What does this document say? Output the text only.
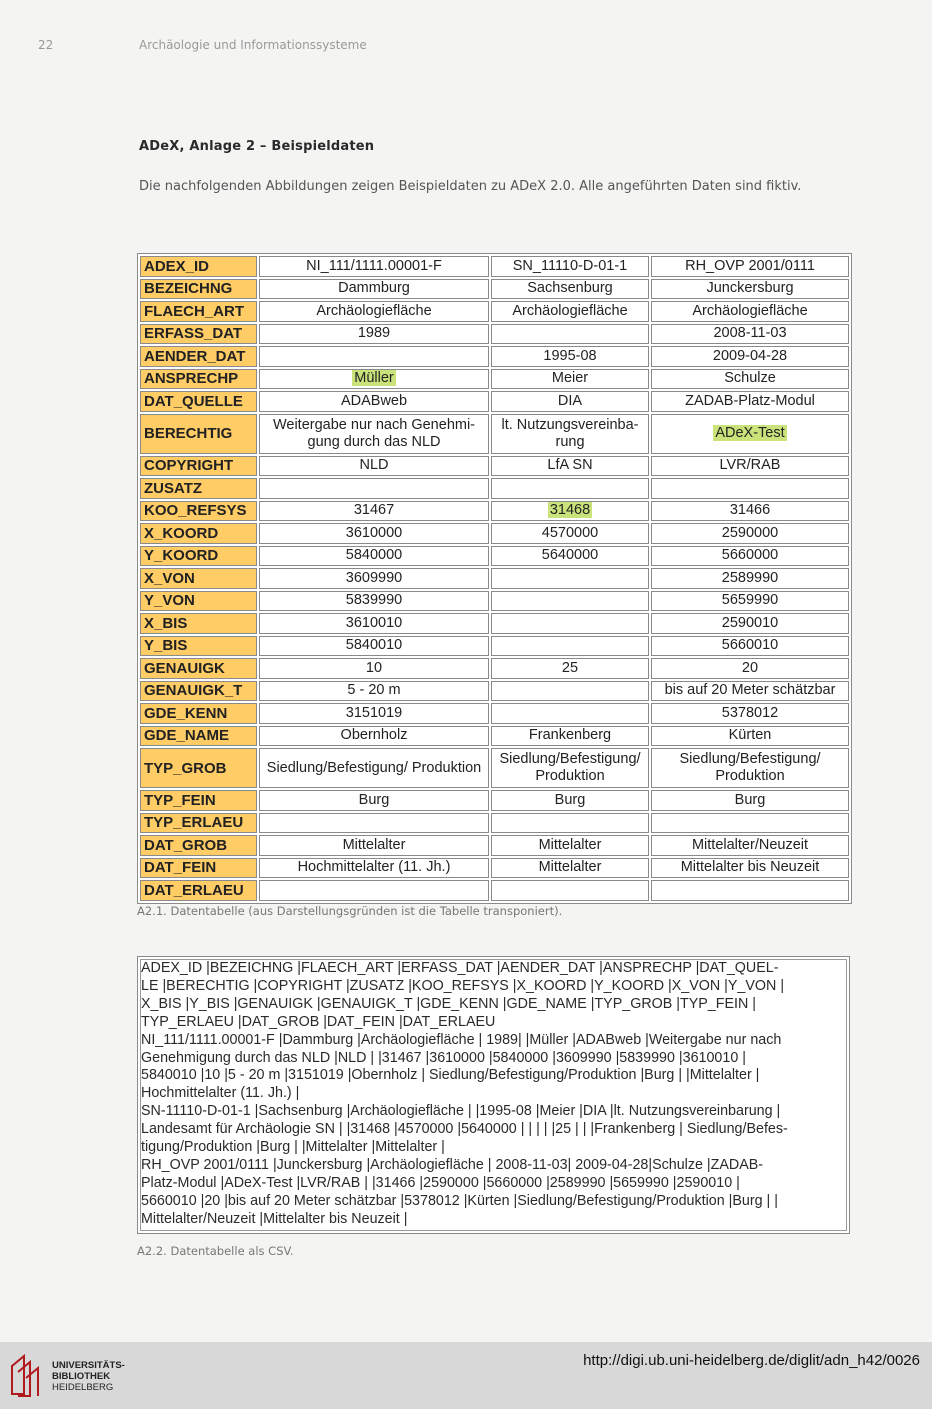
22	Archäologie und Informationssysteme
ADeX, Anlage 2 – Beispieldaten
Die nachfolgenden Abbildungen zeigen Beispieldaten zu ADeX 2.0. Alle angeführten Daten sind fiktiv.
ADEX_ID	NI_111/1111.00001-F	SN_11110-D-01-1	RH_OVP 2001/0111
BEZEICHNG	Dammburg	Sachsenburg	Junckersburg
FLAECH_ART	Archäologiefläche	Archäologiefläche	Archäologiefläche
ERFASS_DAT	1989		2008-11-03
AENDER_DAT		1995-08	2009-04-28
ANSPRECHP	Müller	Meier	Schulze
DAT_QUELLE	ADABweb	DIA	ZADAB-Platz-Modul
BERECHTIG	Weitergabe nur nach Genehmi-gung durch das NLD	lt. Nutzungsvereinba-rung	ADeX-Test
COPYRIGHT	NLD	LfA SN	LVR/RAB
ZUSATZ			
KOO_REFSYS	31467	31468	31466
X_KOORD	3610000	4570000	2590000
Y_KOORD	5840000	5640000	5660000
X_VON	3609990		2589990
Y_VON	5839990		5659990
X_BIS	3610010		2590010
Y_BIS	5840010		5660010
GENAUIGK	10	25	20
GENAUIGK_T	5 - 20 m		bis auf 20 Meter schätzbar
GDE_KENN	3151019		5378012
GDE_NAME	Obernholz	Frankenberg	Kürten
TYP_GROB	Siedlung/Befestigung/ Produktion	Siedlung/Befestigung/ Produktion	Siedlung/Befestigung/ Produktion
TYP_FEIN	Burg	Burg	Burg
TYP_ERLAEU			
DAT_GROB	Mittelalter	Mittelalter	Mittelalter/Neuzeit
DAT_FEIN	Hochmittelalter (11. Jh.)	Mittelalter	Mittelalter bis Neuzeit
DAT_ERLAEU			
A2.1. Datentabelle (aus Darstellungsgründen ist die Tabelle transponiert).
ADEX_ID |BEZEICHNG |FLAECH_ART |ERFASS_DAT |AENDER_DAT |ANSPRECHP |DAT_QUEL-
LE |BERECHTIG |COPYRIGHT |ZUSATZ |KOO_REFSYS |X_KOORD |Y_KOORD |X_VON |Y_VON |
X_BIS |Y_BIS |GENAUIGK |GENAUIGK_T |GDE_KENN |GDE_NAME |TYP_GROB |TYP_FEIN |
TYP_ERLAEU |DAT_GROB |DAT_FEIN |DAT_ERLAEU
NI_111/1111.00001-F |Dammburg |Archäologiefläche | 1989| |Müller |ADABweb |Weitergabe nur nach
Genehmigung durch das NLD |NLD | |31467 |3610000 |5840000 |3609990 |5839990 |3610010 |
5840010 |10 |5 - 20 m |3151019 |Obernholz | Siedlung/Befestigung/Produktion |Burg | |Mittelalter |
Hochmittelalter (11. Jh.) |
SN-11110-D-01-1 |Sachsenburg |Archäologiefläche | |1995-08 |Meier |DIA |lt. Nutzungsvereinbarung |
Landesamt für Archäologie SN | |31468 |4570000 |5640000 | | | | |25 | | |Frankenberg | Siedlung/Befes-
tigung/Produktion |Burg | |Mittelalter |Mittelalter |
RH_OVP 2001/0111 |Junckersburg |Archäologiefläche | 2008-11-03| 2009-04-28|Schulze |ZADAB-
Platz-Modul |ADeX-Test |LVR/RAB | |31466 |2590000 |5660000 |2589990 |5659990 |2590010 |
5660010 |20 |bis auf 20 Meter schätzbar |5378012 |Kürten |Siedlung/Befestigung/Produktion |Burg | |
Mittelalter/Neuzeit |Mittelalter bis Neuzeit |
A2.2. Datentabelle als CSV.
UNIVERSITÄTS-
BIBLIOTHEK
HEIDELBERG
http://digi.ub.uni-heidelberg.de/diglit/adn_h42/0026
